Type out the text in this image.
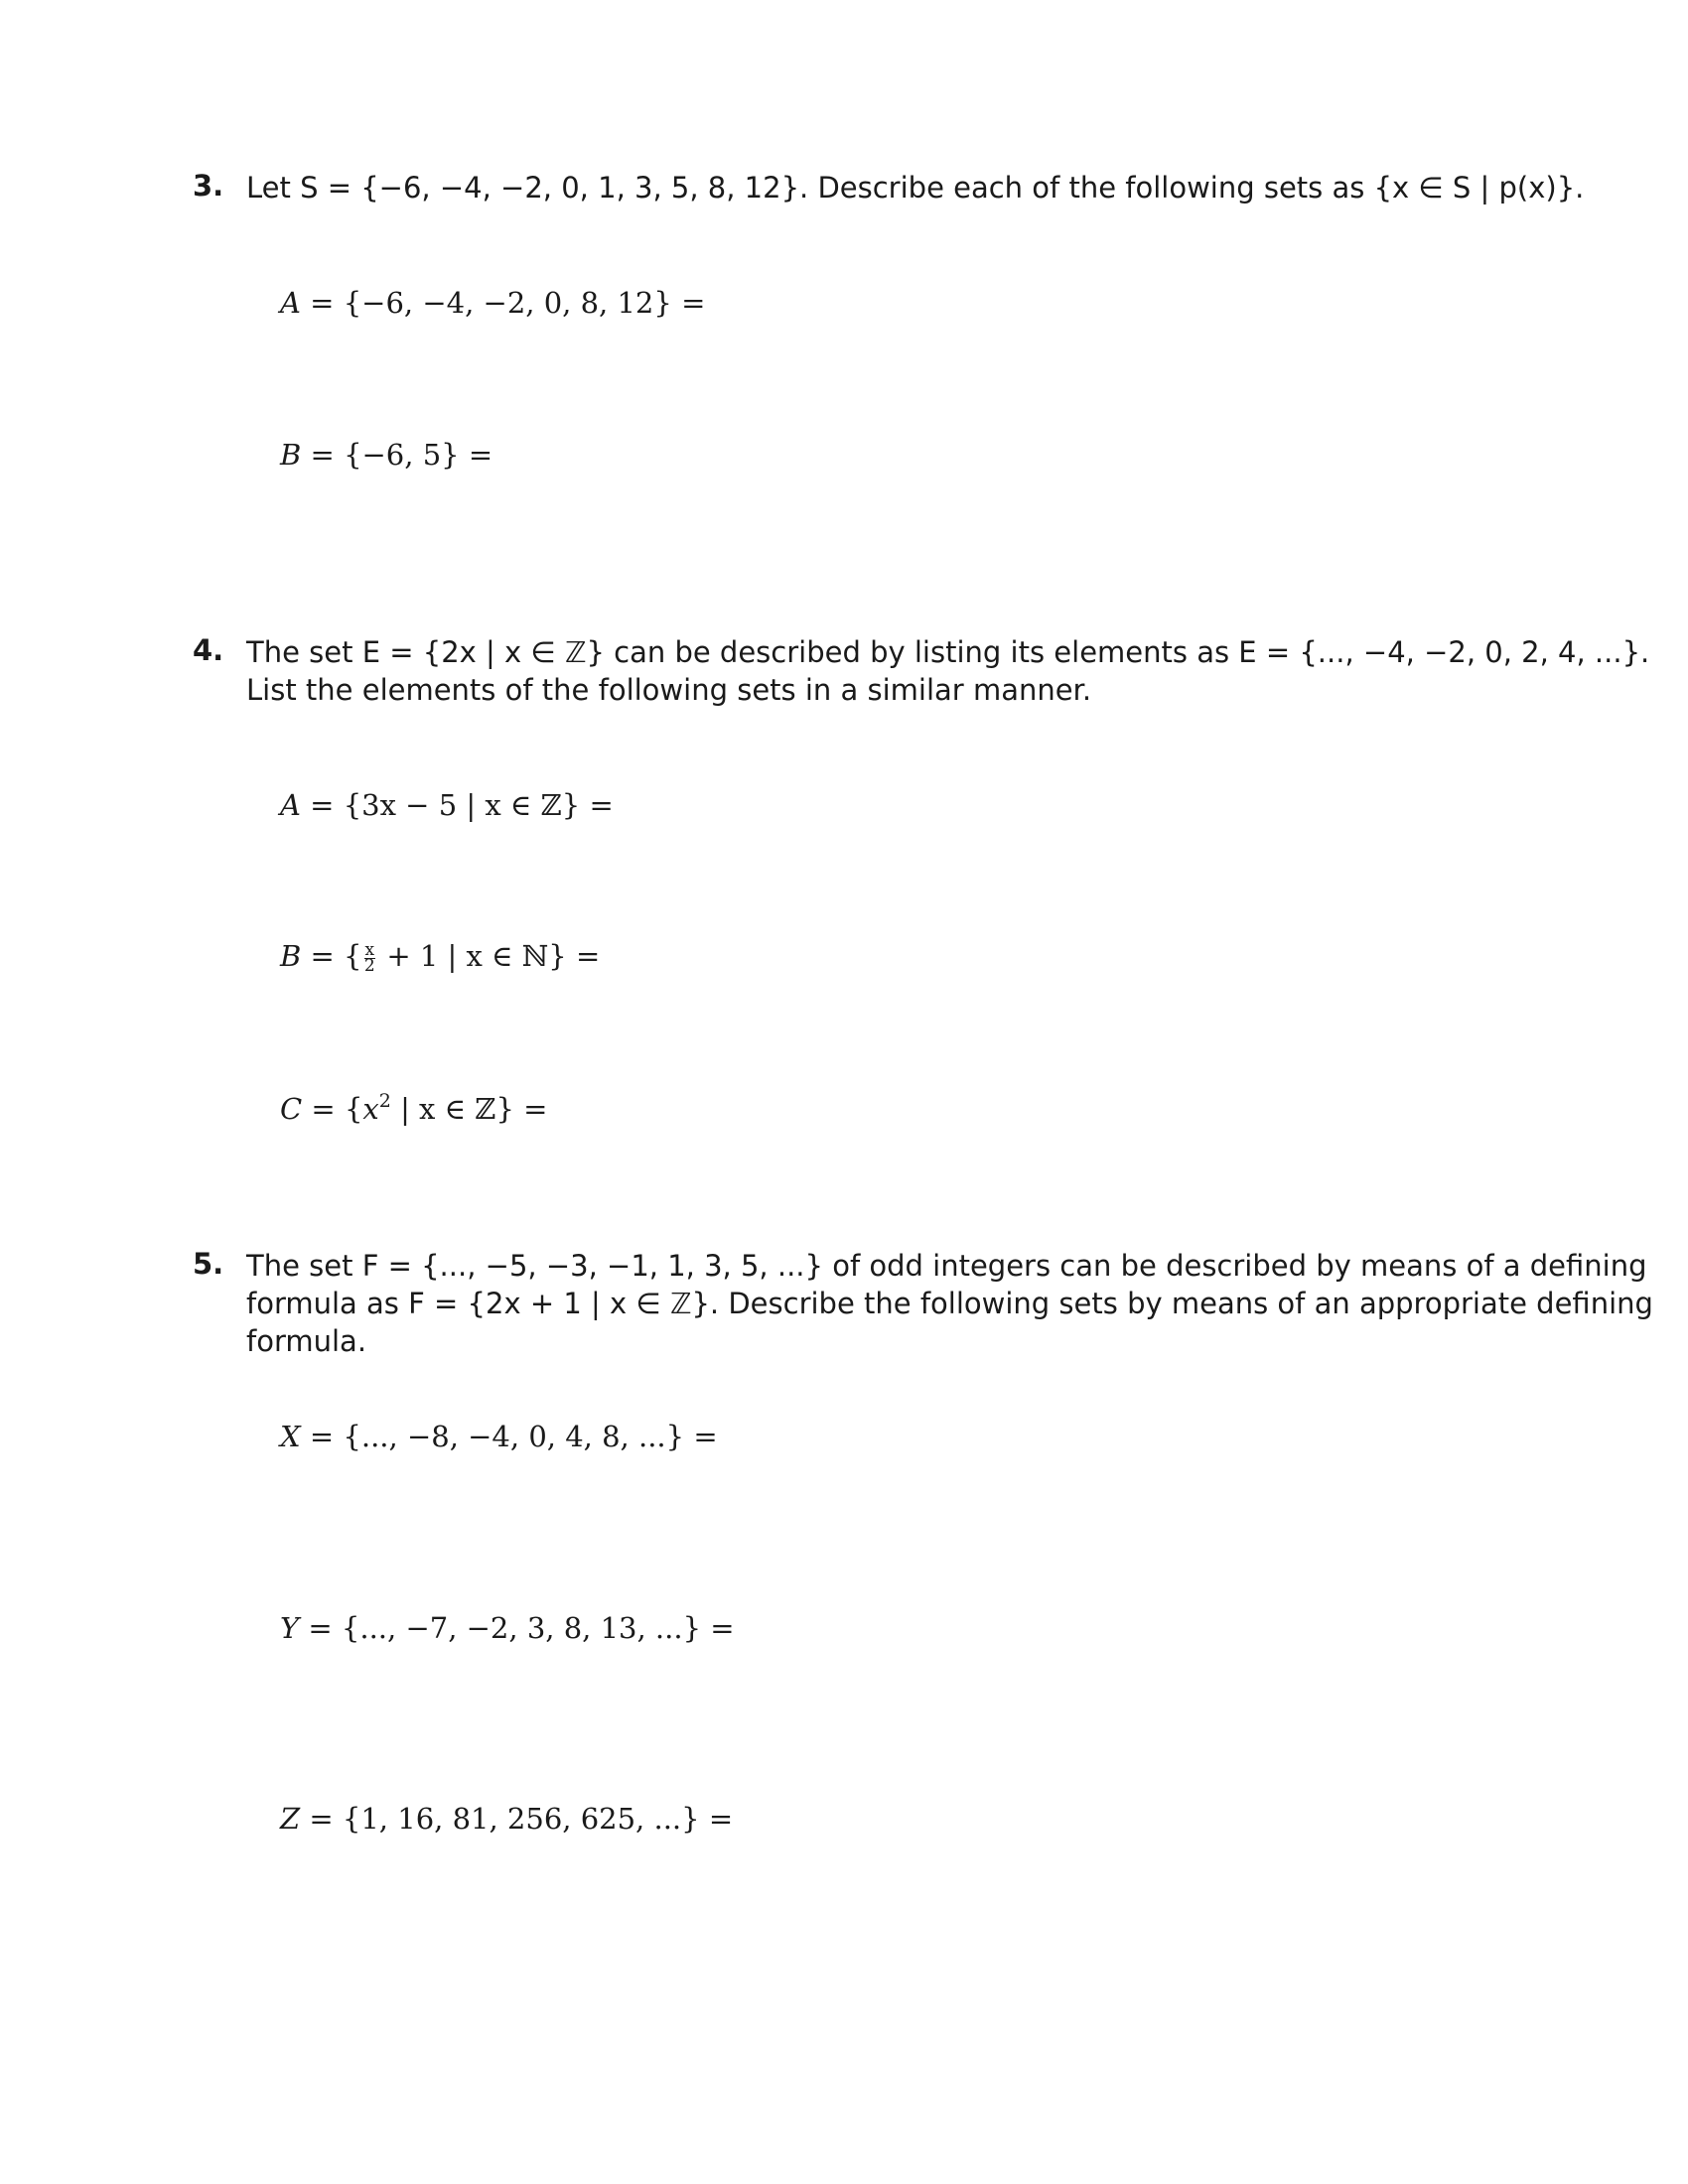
3. Let S = {−6, −4, −2, 0, 1, 3, 5, 8, 12}. Describe each of the following sets as {x ∈ S | p(x)}.
A = {−6, −4, −2, 0, 8, 12} =
B = {−6, 5} =
4. The set E = {2x | x ∈ ℤ} can be described by listing its elements as E = {..., −4, −2, 0, 2, 4, ...}.
List the elements of the following sets in a similar manner.
A = {3x − 5 | x ∈ ℤ} =
B = { $\frac{x}{2} + 1$ | x ∈ ℕ} =
$C = \{x^2$ | x ∈ ℤ} =
5. The set F = {..., −5, −3, −1, 1, 3, 5, ...} of odd integers can be described by means of a defining
formula as F = {2x + 1 | x ∈ ℤ}. Describe the following sets by means of an appropriate defining
formula.
X = {..., −8, −4, 0, 4, 8, ...} =
Y = {..., −7, −2, 3, 8, 13, ...} =
Z = {1, 16, 81, 256, 625, ...} =
